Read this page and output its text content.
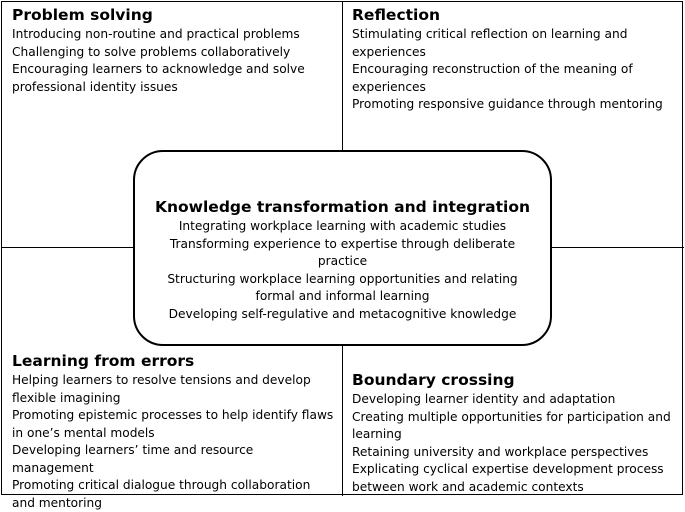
Problem solving
Introducing non-routine and practical problems
Challenging to solve problems collaboratively
Encouraging learners to acknowledge and solve professional identity issues
Reflection
Stimulating critical reflection on learning and experiences
Encouraging reconstruction of the meaning of experiences
Promoting responsive guidance through mentoring
Learning from errors
Helping learners to resolve tensions and develop flexible imagining
Promoting epistemic processes to help identify flaws in one’s mental models
Developing learners’ time and resource management
Promoting critical dialogue through collaboration and mentoring
Boundary crossing
Developing learner identity and adaptation
Creating multiple opportunities for participation and learning
Retaining university and workplace perspectives
Explicating cyclical expertise development process between work and academic contexts
Knowledge transformation and integration
Integrating workplace learning with academic studies
Transforming experience to expertise through deliberate practice
Structuring workplace learning opportunities and relating formal and informal learning
Developing self-regulative and metacognitive knowledge
